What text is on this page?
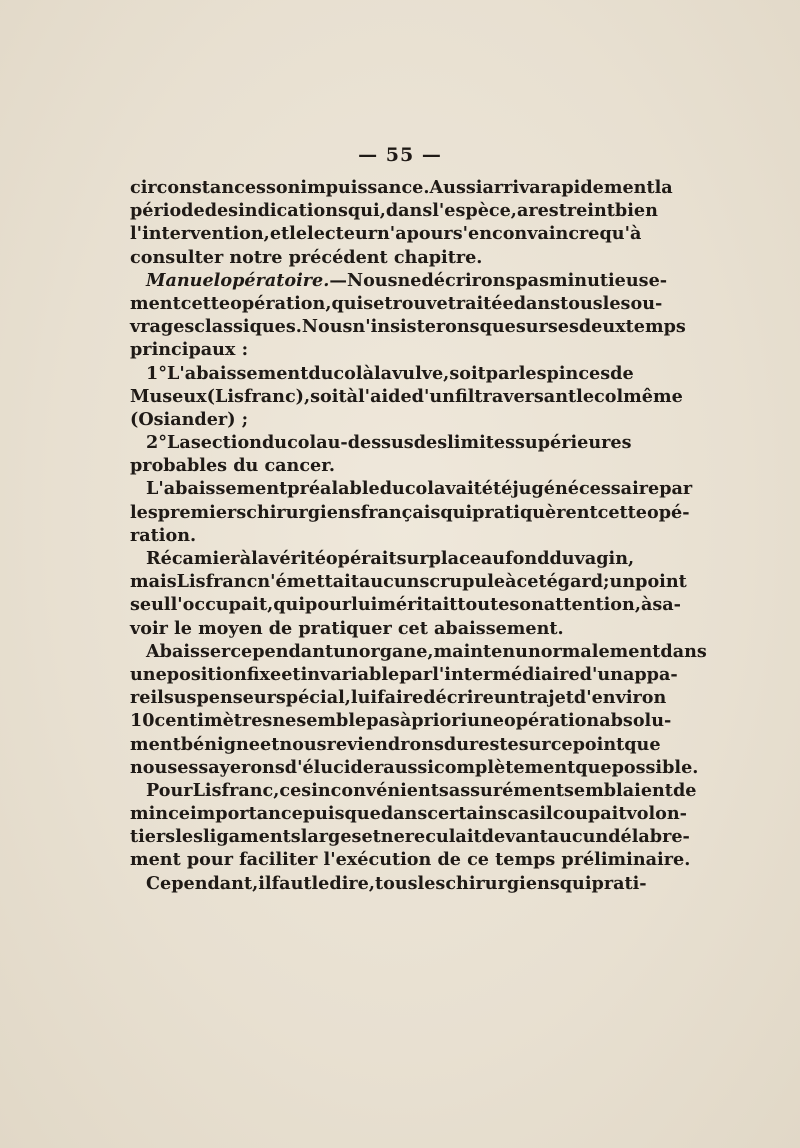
— 55 —
circonstances son impuissance. Aussi arriva rapidement la
période des indications qui, dans l'espèce, a restreint bien
l'intervention, et le lecteur n'a pour s'en convaincre qu'à
consulter notre précédent chapitre.
Manuel opératoire. — Nous ne décrirons pas minutieuse-
ment cette opération, qui se trouve traitée dans tous les ou-
vrages classiques. Nous n'insisterons que sur ses deux temps
principaux :
1° L'abaissement du col à la vulve, soit par les pinces de
Museux (Lisfranc), soit à l'aide d'un fil traversant le col même
(Osiander) ;
2° La section du col au-dessus des limites supérieures
probables du cancer.
L'abaissement préalable du col avait été jugé nécessaire par
les premiers chirurgiens français qui pratiquèrent cette opé-
ration.
Récamier à la vérité opérait sur place au fond du vagin,
mais Lisfranc n'émettait aucun scrupule à cet égard ; un point
seul l'occupait, qui pour lui méritait toute son attention, à sa-
voir le moyen de pratiquer cet abaissement.
Abaisser cependant un organe, maintenu normalement dans
une position fixe et invariable par l'intermédiaire d'un appa-
reil suspenseur spécial, lui faire décrire un trajet d'environ
10 centimètres ne semble pas à priori une opération absolu-
ment bénigne et nous reviendrons du reste sur ce point que
nous essayerons d'élucider aussi complètement que possible.
Pour Lisfranc, ces inconvénients assurément semblaient de
mince importance puisque dans certains cas il coupait volon-
tiers les ligaments larges et ne reculait devant aucun délabre-
ment pour faciliter l'exécution de ce temps préliminaire.
Cependant, il faut le dire, tous les chirurgiens qui prati-
